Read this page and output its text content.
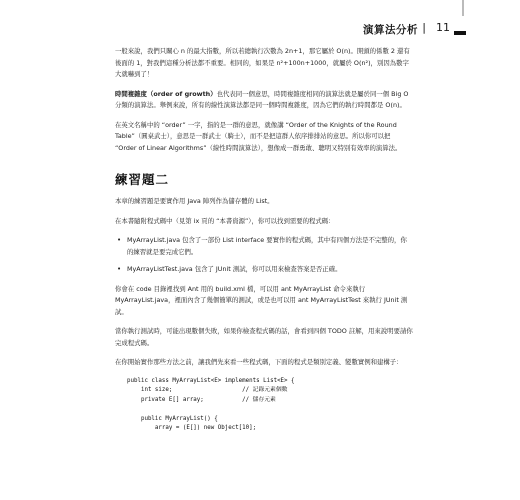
演算法分析 | 11

一般來說，我們只關心 n 的最大指數，所以若總執行次數為 2n+1，那它屬於 O(n)。開頭的係數 2 還有後面的 1，對我們這種分析法都不重要。相同的，如果是 n²+100n+1000，就屬於 O(n²)，別因為數字大就嚇到了！

時間複雜度（order of growth）也代表同一個意思，時間複雜度相同的演算法就是屬於同一個 Big O 分類的演算法。舉例來說，所有的線性演算法都是同一個時間複雜度，因為它們的執行時間都是 O(n)。

在英文名稱中的 “order” 一字，指的是一群的意思，就像講 “Order of the Knights of the Round Table”（圓桌武士），意思是一群武士（騎士），而不是把這群人依序排排站的意思。所以你可以把 “Order of Linear Algorithms”（線性時間演算法），想像成一群勇敢、聰明又特別有效率的演算法。

練習題二

本章的練習題是要實作用 Java 陣列作為儲存體的 List。

在本書隨附程式碼中（見第 ix 頁的 “本書資源”），你可以找到需要的程式碼：

• MyArrayList.java 包含了一部份 List interface 要實作的程式碼，其中有四個方法是不完整的，你的練習就是要完成它們。
• MyArrayListTest.java 包含了 JUnit 測試，你可以用來檢查答案是否正確。

你會在 code 目錄裡找到 Ant 用的 build.xml 檔，可以用 ant MyArrayList 命令來執行 MyArrayList.java，裡面內含了幾個簡單的測試，或是也可以用 ant MyArrayListTest 來執行 JUnit 測試。

當你執行測試時，可能出現數個失敗，如果你檢查程式碼的話，會看到四個 TODO 註解，用來說明要請你完成程式碼。

在你開始實作那些方法之前，讓我們先來看一些程式碼，下面的程式是類別定義、變數實例和建構子：

public class MyArrayList<E> implements List<E> {
int size;                    // 記錄元素個數
private E[] array;           // 儲存元素

public MyArrayList() {
array = (E[]) new Object[10];
